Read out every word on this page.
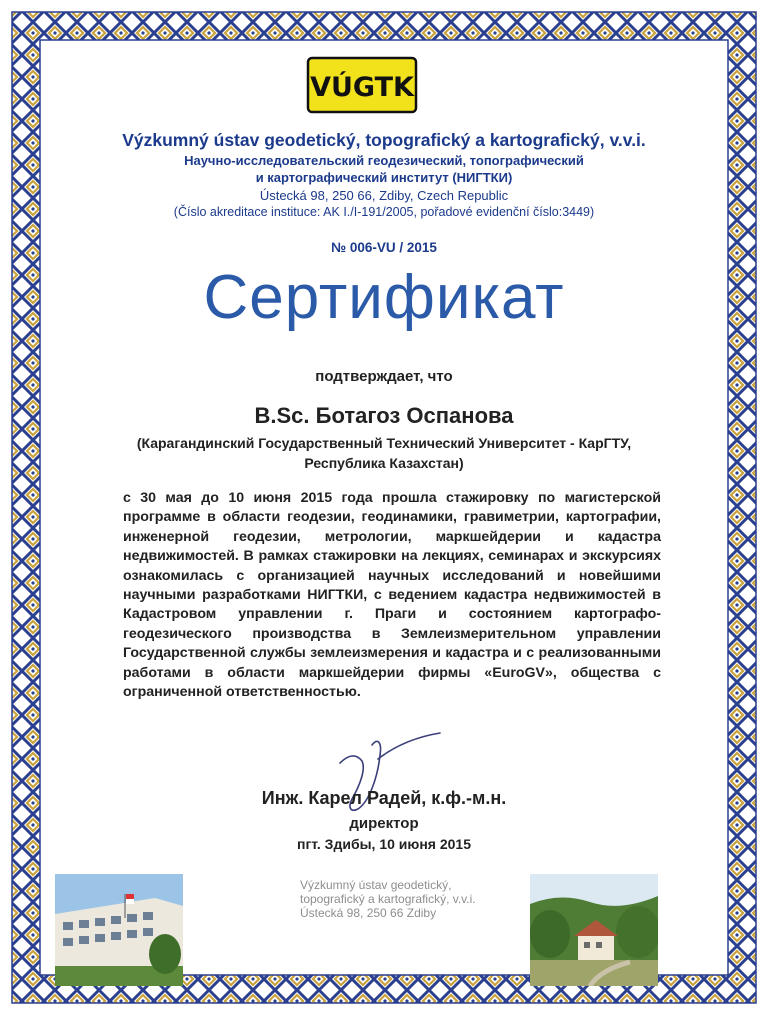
VÚGTK
Výzkumný ústav geodetický, topografický a kartografický, v.v.i.
Научно-исследовательский геодезический, топографический
и картографический институт (НИГТКИ)
Ústecká 98, 250 66, Zdiby, Czech Republic
(Číslo akreditace instituce: AK I./I-191/2005, pořadové evidenční číslo:3449)
№ 006-VU / 2015
Сертификат
подтверждает, что
B.Sc. Ботагоз Оспанова
(Карагандинский Государственный Технический Университет - КарГТУ,
Республика Казахстан)
с 30 мая до 10 июня 2015 года прошла стажировку по магистерской программе в области геодезии, геодинамики, гравиметрии, картографии, инженерной геодезии, метрологии, маркшейдерии и кадастра недвижимостей. В рамках стажировки на лекциях, семинарах и экскурсиях ознакомилась с организацией научных исследований и новейшими научными разработками НИГТКИ, с ведением кадастра недвижимостей в Кадастровом управлении г. Праги и состоянием картографо-геодезического производства в Землеизмерительном управлении Государственной службы землеизмерения и кадастра и с реализованными работами в области маркшейдерии фирмы «EuroGV», общества с ограниченной ответственностью.
Инж. Карел Радей, к.ф.-м.н.
директор
пгт. Здибы, 10 июня 2015
Výzkumný ústav geodetický,
topografický a kartografický, v.v.i.
Ústecká 98, 250 66 Zdiby
